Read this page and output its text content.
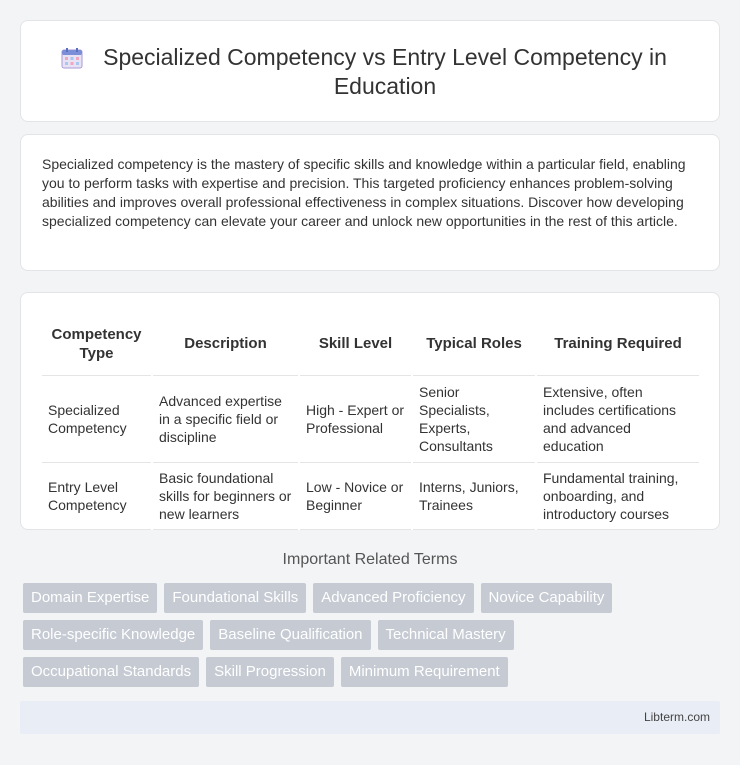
Specialized Competency vs Entry Level Competency in Education

Specialized competency is the mastery of specific skills and knowledge within a particular field, enabling you to perform tasks with expertise and precision. This targeted proficiency enhances problem-solving abilities and improves overall professional effectiveness in complex situations. Discover how developing specialized competency can elevate your career and unlock new opportunities in the rest of this article.

Competency Type	Description	Skill Level	Typical Roles	Training Required
Specialized Competency	Advanced expertise in a specific field or discipline	High - Expert or Professional	Senior Specialists, Experts, Consultants	Extensive, often includes certifications and advanced education
Entry Level Competency	Basic foundational skills for beginners or new learners	Low - Novice or Beginner	Interns, Juniors, Trainees	Fundamental training, onboarding, and introductory courses
Important Related Terms
Domain Expertise	Foundational Skills	Advanced Proficiency	Novice Capability
Role-specific Knowledge	Baseline Qualification	Technical Mastery
Occupational Standards	Skill Progression	Minimum Requirement
Libterm.com
